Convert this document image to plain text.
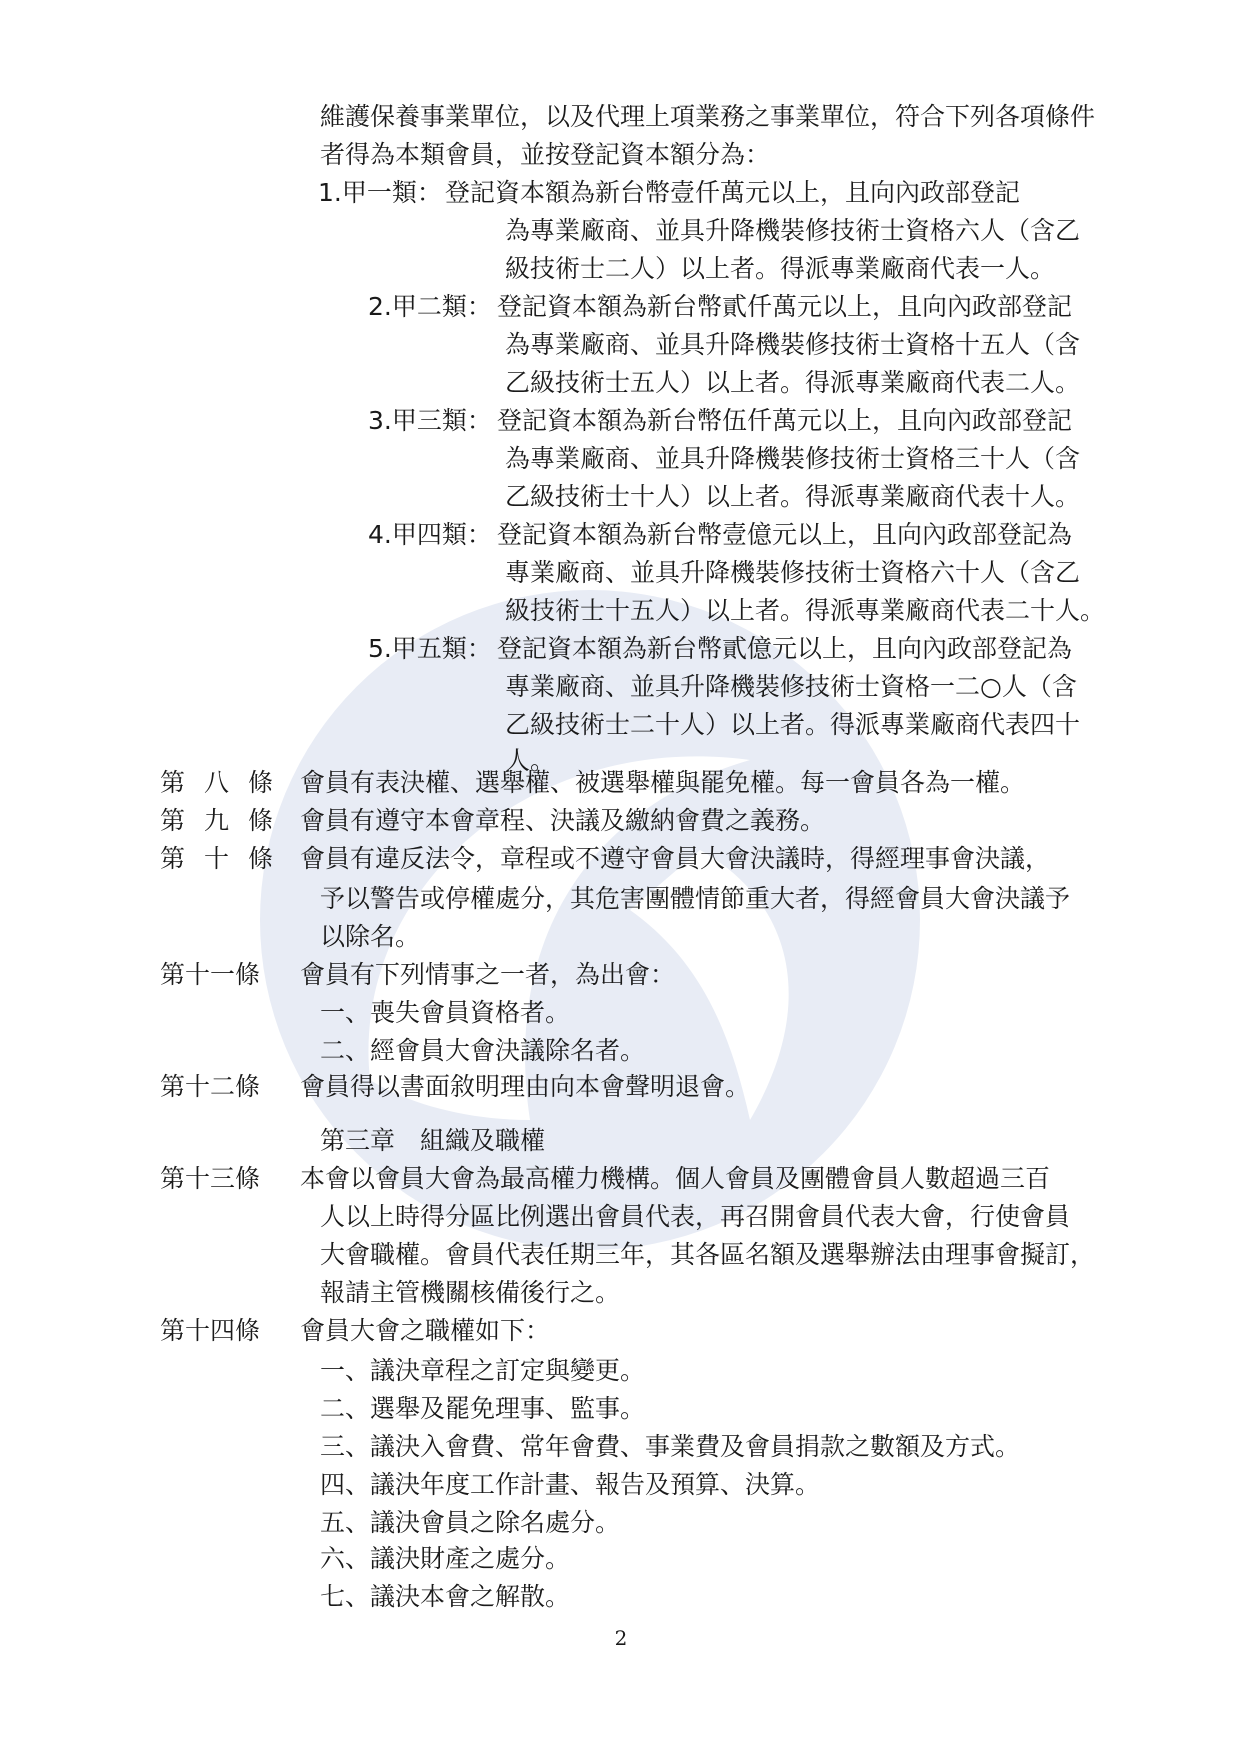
維護保養事業單位，以及代理上項業務之事業單位，符合下列各項條件
者得為本類會員，並按登記資本額分為：
1.甲一類： 登記資本額為新台幣壹仟萬元以上，且向內政部登記
為專業廠商、並具升降機裝修技術士資格六人（含乙
級技術士二人）以上者。得派專業廠商代表一人。
2.甲二類： 登記資本額為新台幣貳仟萬元以上，且向內政部登記
為專業廠商、並具升降機裝修技術士資格十五人（含
乙級技術士五人）以上者。得派專業廠商代表二人。
3.甲三類： 登記資本額為新台幣伍仟萬元以上，且向內政部登記
為專業廠商、並具升降機裝修技術士資格三十人（含
乙級技術士十人）以上者。得派專業廠商代表十人。
4.甲四類： 登記資本額為新台幣壹億元以上，且向內政部登記為
專業廠商、並具升降機裝修技術士資格六十人（含乙
級技術士十五人）以上者。得派專業廠商代表二十人。
5.甲五類： 登記資本額為新台幣貳億元以上，且向內政部登記為
專業廠商、並具升降機裝修技術士資格一二○人（含
乙級技術士二十人）以上者。得派專業廠商代表四十
人。
第 八 條	會員有表決權、選舉權、被選舉權與罷免權。每一會員各為一權。
第 九 條	會員有遵守本會章程、決議及繳納會費之義務。
第 十 條	會員有違反法令，章程或不遵守會員大會決議時，得經理事會決議，
予以警告或停權處分，其危害團體情節重大者，得經會員大會決議予
以除名。
第十一條 會員有下列情事之一者，為出會：
一、喪失會員資格者。
二、經會員大會決議除名者。
第十二條 會員得以書面敘明理由向本會聲明退會。
第三章　組織及職權
第十三條 本會以會員大會為最高權力機構。個人會員及團體會員人數超過三百
人以上時得分區比例選出會員代表，再召開會員代表大會，行使會員
大會職權。會員代表任期三年，其各區名額及選舉辦法由理事會擬訂，
報請主管機關核備後行之。
第十四條 會員大會之職權如下：
一、議決章程之訂定與變更。
二、選舉及罷免理事、監事。
三、議決入會費、常年會費、事業費及會員捐款之數額及方式。
四、議決年度工作計畫、報告及預算、決算。
五、議決會員之除名處分。
六、議決財產之處分。
七、議決本會之解散。
2
